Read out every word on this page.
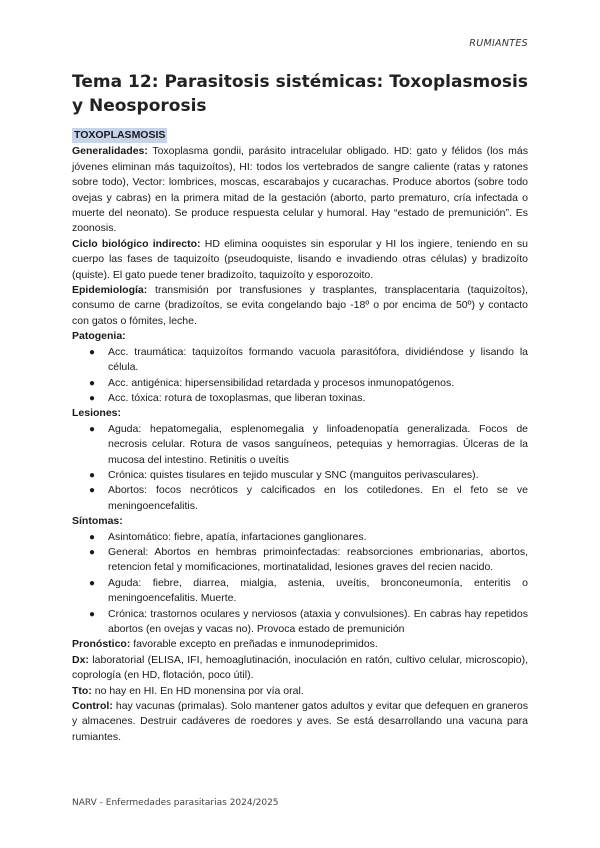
RUMIANTES
Tema 12: Parasitosis sistémicas: Toxoplasmosis y Neosporosis
TOXOPLASMOSIS

Generalidades: Toxoplasma gondii, parásito intracelular obligado. HD: gato y félidos (los más jóvenes eliminan más taquizoítos), HI: todos los vertebrados de sangre caliente (ratas y ratones sobre todo), Vector: lombrices, moscas, escarabajos y cucarachas. Produce abortos (sobre todo ovejas y cabras) en la primera mitad de la gestación (aborto, parto prematuro, cría infectada o muerte del neonato). Se produce respuesta celular y humoral. Hay “estado de premunición”. Es zoonosis.

Ciclo biológico indirecto: HD elimina ooquistes sin esporular y HI los ingiere, teniendo en su cuerpo las fases de taquizoíto (pseudoquiste, lisando e invadiendo otras células) y bradizoíto (quiste). El gato puede tener bradizoíto, taquizoíto y esporozoito.

Epidemiología: transmisión por transfusiones y trasplantes, transplacentaria (taquizoítos), consumo de carne (bradizoítos, se evita congelando bajo -18º o por encima de 50º) y contacto con gatos o fómites, leche.

Patogenia:

● Acc. traumática: taquizoítos formando vacuola parasitófora, dividiéndose y lisando la célula.
● Acc. antigénica: hipersensibilidad retardada y procesos inmunopatógenos.
● Acc. tóxica: rotura de toxoplasmas, que liberan toxinas.

Lesiones:

● Aguda: hepatomegalia, esplenomegalia y linfoadenopatía generalizada. Focos de necrosis celular. Rotura de vasos sanguíneos, petequias y hemorragias. Úlceras de la mucosa del intestino. Retinitis o uveítis
● Crónica: quistes tisulares en tejido muscular y SNC (manguitos perivasculares).
● Abortos: focos necróticos y calcificados en los cotiledones. En el feto se ve meningoencefalitis.

Síntomas:

● Asintomático: fiebre, apatía, infartaciones ganglionares.
● General: Abortos en hembras primoinfectadas: reabsorciones embrionarias, abortos, retencion fetal y momificaciones, mortinatalidad, lesiones graves del recien nacido.
● Aguda: fiebre, diarrea, mialgia, astenia, uveítis, bronconeumonía, enteritis o meningoencefalitis. Muerte.
● Crónica: trastornos oculares y nerviosos (ataxia y convulsiones). En cabras hay repetidos abortos (en ovejas y vacas no). Provoca estado de premunición

Pronóstico: favorable excepto en preñadas e inmunodeprimidos.

Dx: laboratorial (ELISA, IFI, hemoaglutinación, inoculación en ratón, cultivo celular, microscopio), coprología (en HD, flotación, poco útil).

Tto: no hay en HI. En HD monensina por vía oral.

Control: hay vacunas (primalas). Solo mantener gatos adultos y evitar que defequen en graneros y almacenes. Destruir cadáveres de roedores y aves. Se está desarrollando una vacuna para rumiantes.

NARV - Enfermedades parasitarias 2024/2025
